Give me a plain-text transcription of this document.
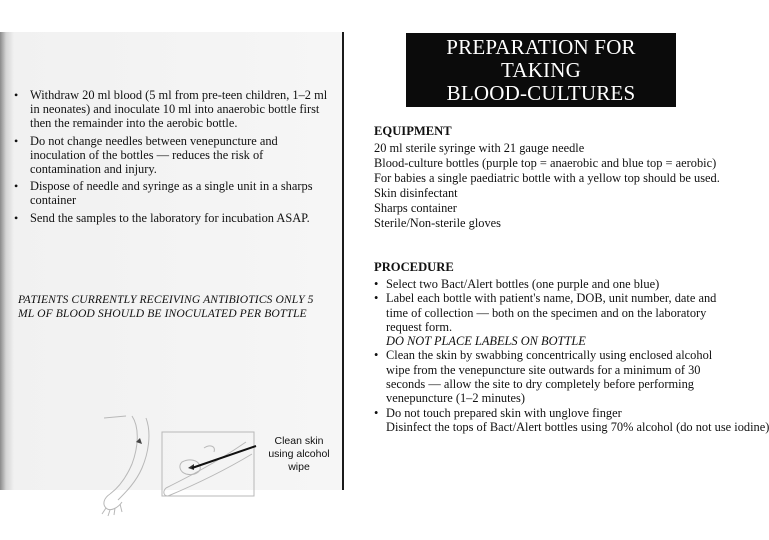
• Withdraw 20 ml blood (5 ml from pre-teen children, 1–2 ml in neonates) and inoculate 10 ml into anaerobic bottle first then the remainder into the aerobic bottle.
• Do not change needles between venepuncture and inoculation of the bottles — reduces the risk of contamination and injury.
• Dispose of needle and syringe as a single unit in a sharps container
• Send the samples to the laboratory for incubation ASAP.
PATIENTS CURRENTLY RECEIVING ANTIBIOTICS ONLY 5 ML OF BLOOD SHOULD BE INOCULATED PER BOTTLE
Clean skin
using alcohol
wipe
PREPARATION FOR TAKING
BLOOD-CULTURES
EQUIPMENT
20 ml sterile syringe with 21 gauge needle
Blood-culture bottles (purple top = anaerobic and blue top = aerobic)
For babies a single paediatric bottle with a yellow top should be used.
Skin disinfectant
Sharps container
Sterile/Non-sterile gloves
PROCEDURE
• Select two Bact/Alert bottles (one purple and one blue)
• Label each bottle with patient's name, DOB, unit number, date and time of collection — both on the specimen and on the laboratory request form.
DO NOT PLACE LABELS ON BOTTLE
• Clean the skin by swabbing concentrically using enclosed alcohol wipe from the venepuncture site outwards for a minimum of 30 seconds — allow the site to dry completely before performing venepuncture (1–2 minutes)
• Do not touch prepared skin with unglove finger
Disinfect the tops of Bact/Alert bottles using 70% alcohol (do not use iodine)
